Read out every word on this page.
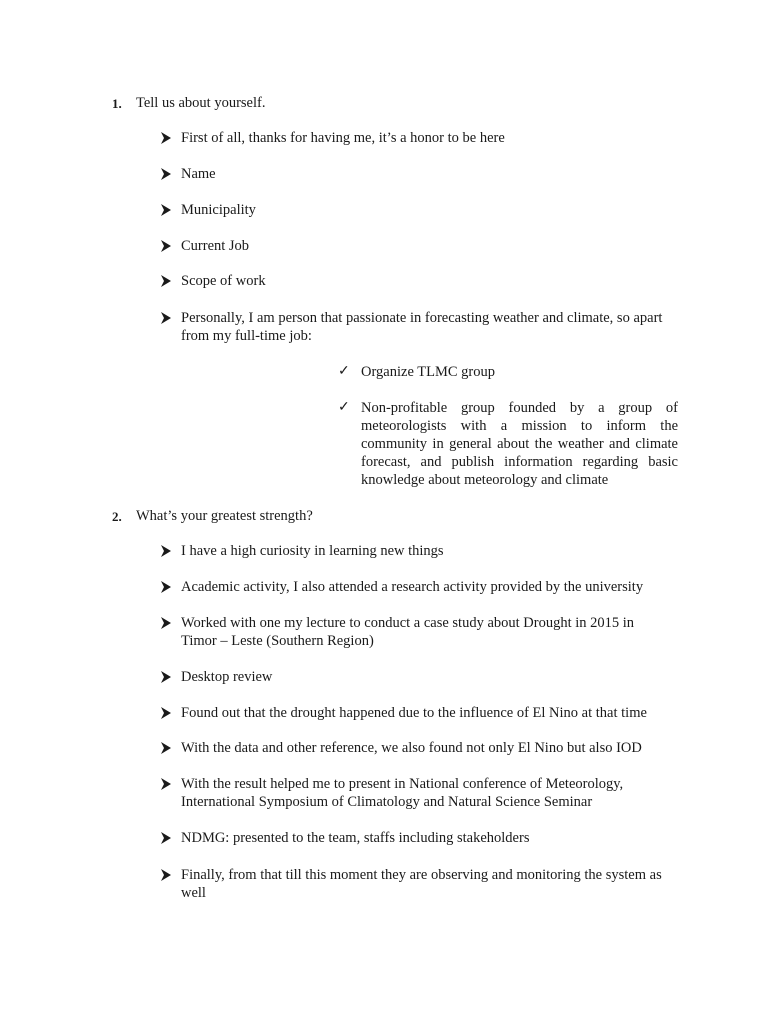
1. Tell us about yourself.
First of all, thanks for having me, it’s a honor to be here
Name
Municipality
Current Job
Scope of work
Personally, I am person that passionate in forecasting weather and climate, so apart from my full-time job:
✓ Organize TLMC group
✓ Non-profitable group founded by a group of meteorologists with a mission to inform the community in general about the weather and climate forecast, and publish information regarding basic knowledge about meteorology and climate
2. What’s your greatest strength?
I have a high curiosity in learning new things
Academic activity, I also attended a research activity provided by the university
Worked with one my lecture to conduct a case study about Drought in 2015 in Timor – Leste (Southern Region)
Desktop review
Found out that the drought happened due to the influence of El Nino at that time
With the data and other reference, we also found not only El Nino but also IOD
With the result helped me to present in National conference of Meteorology, International Symposium of Climatology and Natural Science Seminar
NDMG: presented to the team, staffs including stakeholders
Finally, from that till this moment they are observing and monitoring the system as well
